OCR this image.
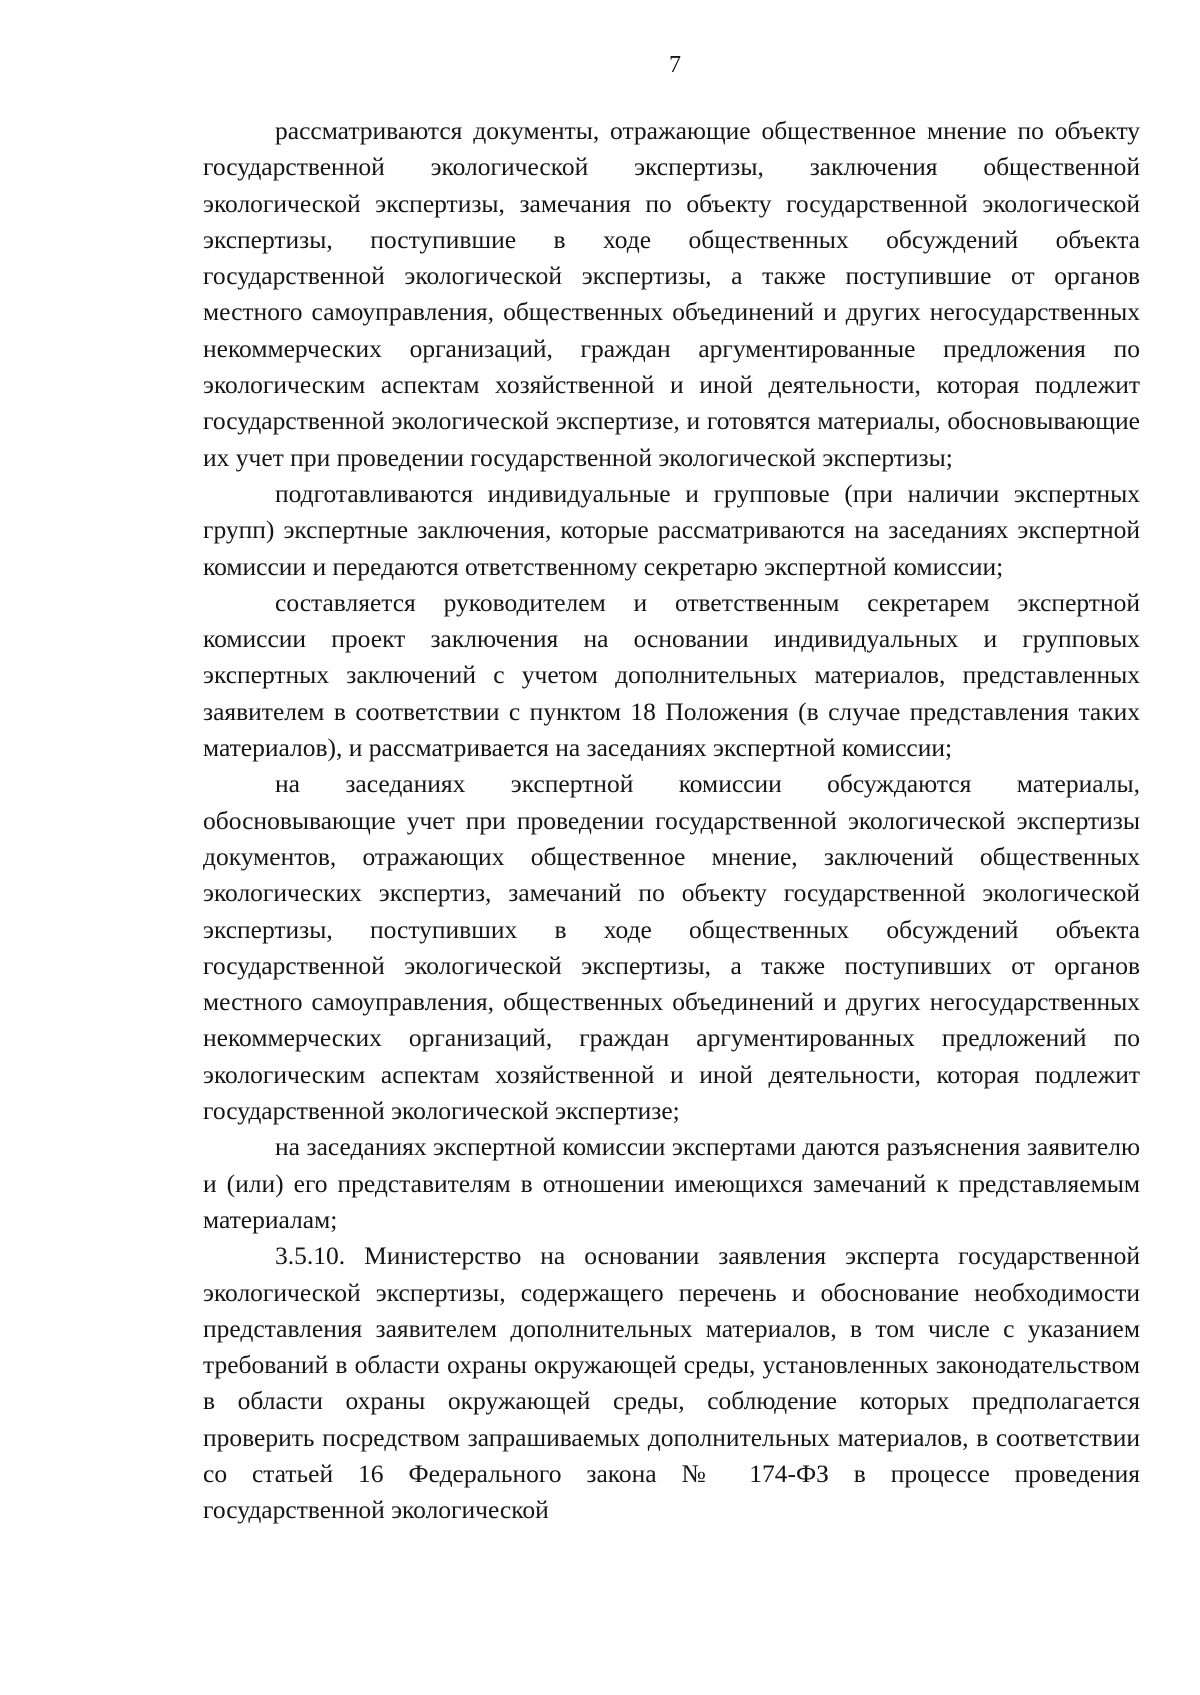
7

рассматриваются документы, отражающие общественное мнение по объекту государственной экологической экспертизы, заключения общественной экологической экспертизы, замечания по объекту государственной экологической экспертизы, поступившие в ходе общественных обсуждений объекта государственной экологической экспертизы, а также поступившие от органов местного самоуправления, общественных объединений и других негосударственных некоммерческих организаций, граждан аргументированные предложения по экологическим аспектам хозяйственной и иной деятельности, которая подлежит государственной экологической экспертизе, и готовятся материалы, обосновывающие их учет при проведении государственной экологической экспертизы;

подготавливаются индивидуальные и групповые (при наличии экспертных групп) экспертные заключения, которые рассматриваются на заседаниях экспертной комиссии и передаются ответственному секретарю экспертной комиссии;

составляется руководителем и ответственным секретарем экспертной комиссии проект заключения на основании индивидуальных и групповых экспертных заключений с учетом дополнительных материалов, представленных заявителем в соответствии с пунктом 18 Положения (в случае представления таких материалов), и рассматривается на заседаниях экспертной комиссии;

на заседаниях экспертной комиссии обсуждаются материалы, обосновывающие учет при проведении государственной экологической экспертизы документов, отражающих общественное мнение, заключений общественных экологических экспертиз, замечаний по объекту государственной экологической экспертизы, поступивших в ходе общественных обсуждений объекта государственной экологической экспертизы, а также поступивших от органов местного самоуправления, общественных объединений и других негосударственных некоммерческих организаций, граждан аргументированных предложений по экологическим аспектам хозяйственной и иной деятельности, которая подлежит государственной экологической экспертизе;

на заседаниях экспертной комиссии экспертами даются разъяснения заявителю и (или) его представителям в отношении имеющихся замечаний к представляемым материалам;

3.5.10. Министерство на основании заявления эксперта государственной экологической экспертизы, содержащего перечень и обоснование необходимости представления заявителем дополнительных материалов, в том числе с указанием требований в области охраны окружающей среды, установленных законодательством в области охраны окружающей среды, соблюдение которых предполагается проверить посредством запрашиваемых дополнительных материалов, в соответствии со статьей 16 Федерального закона № 174-ФЗ в процессе проведения государственной экологической
